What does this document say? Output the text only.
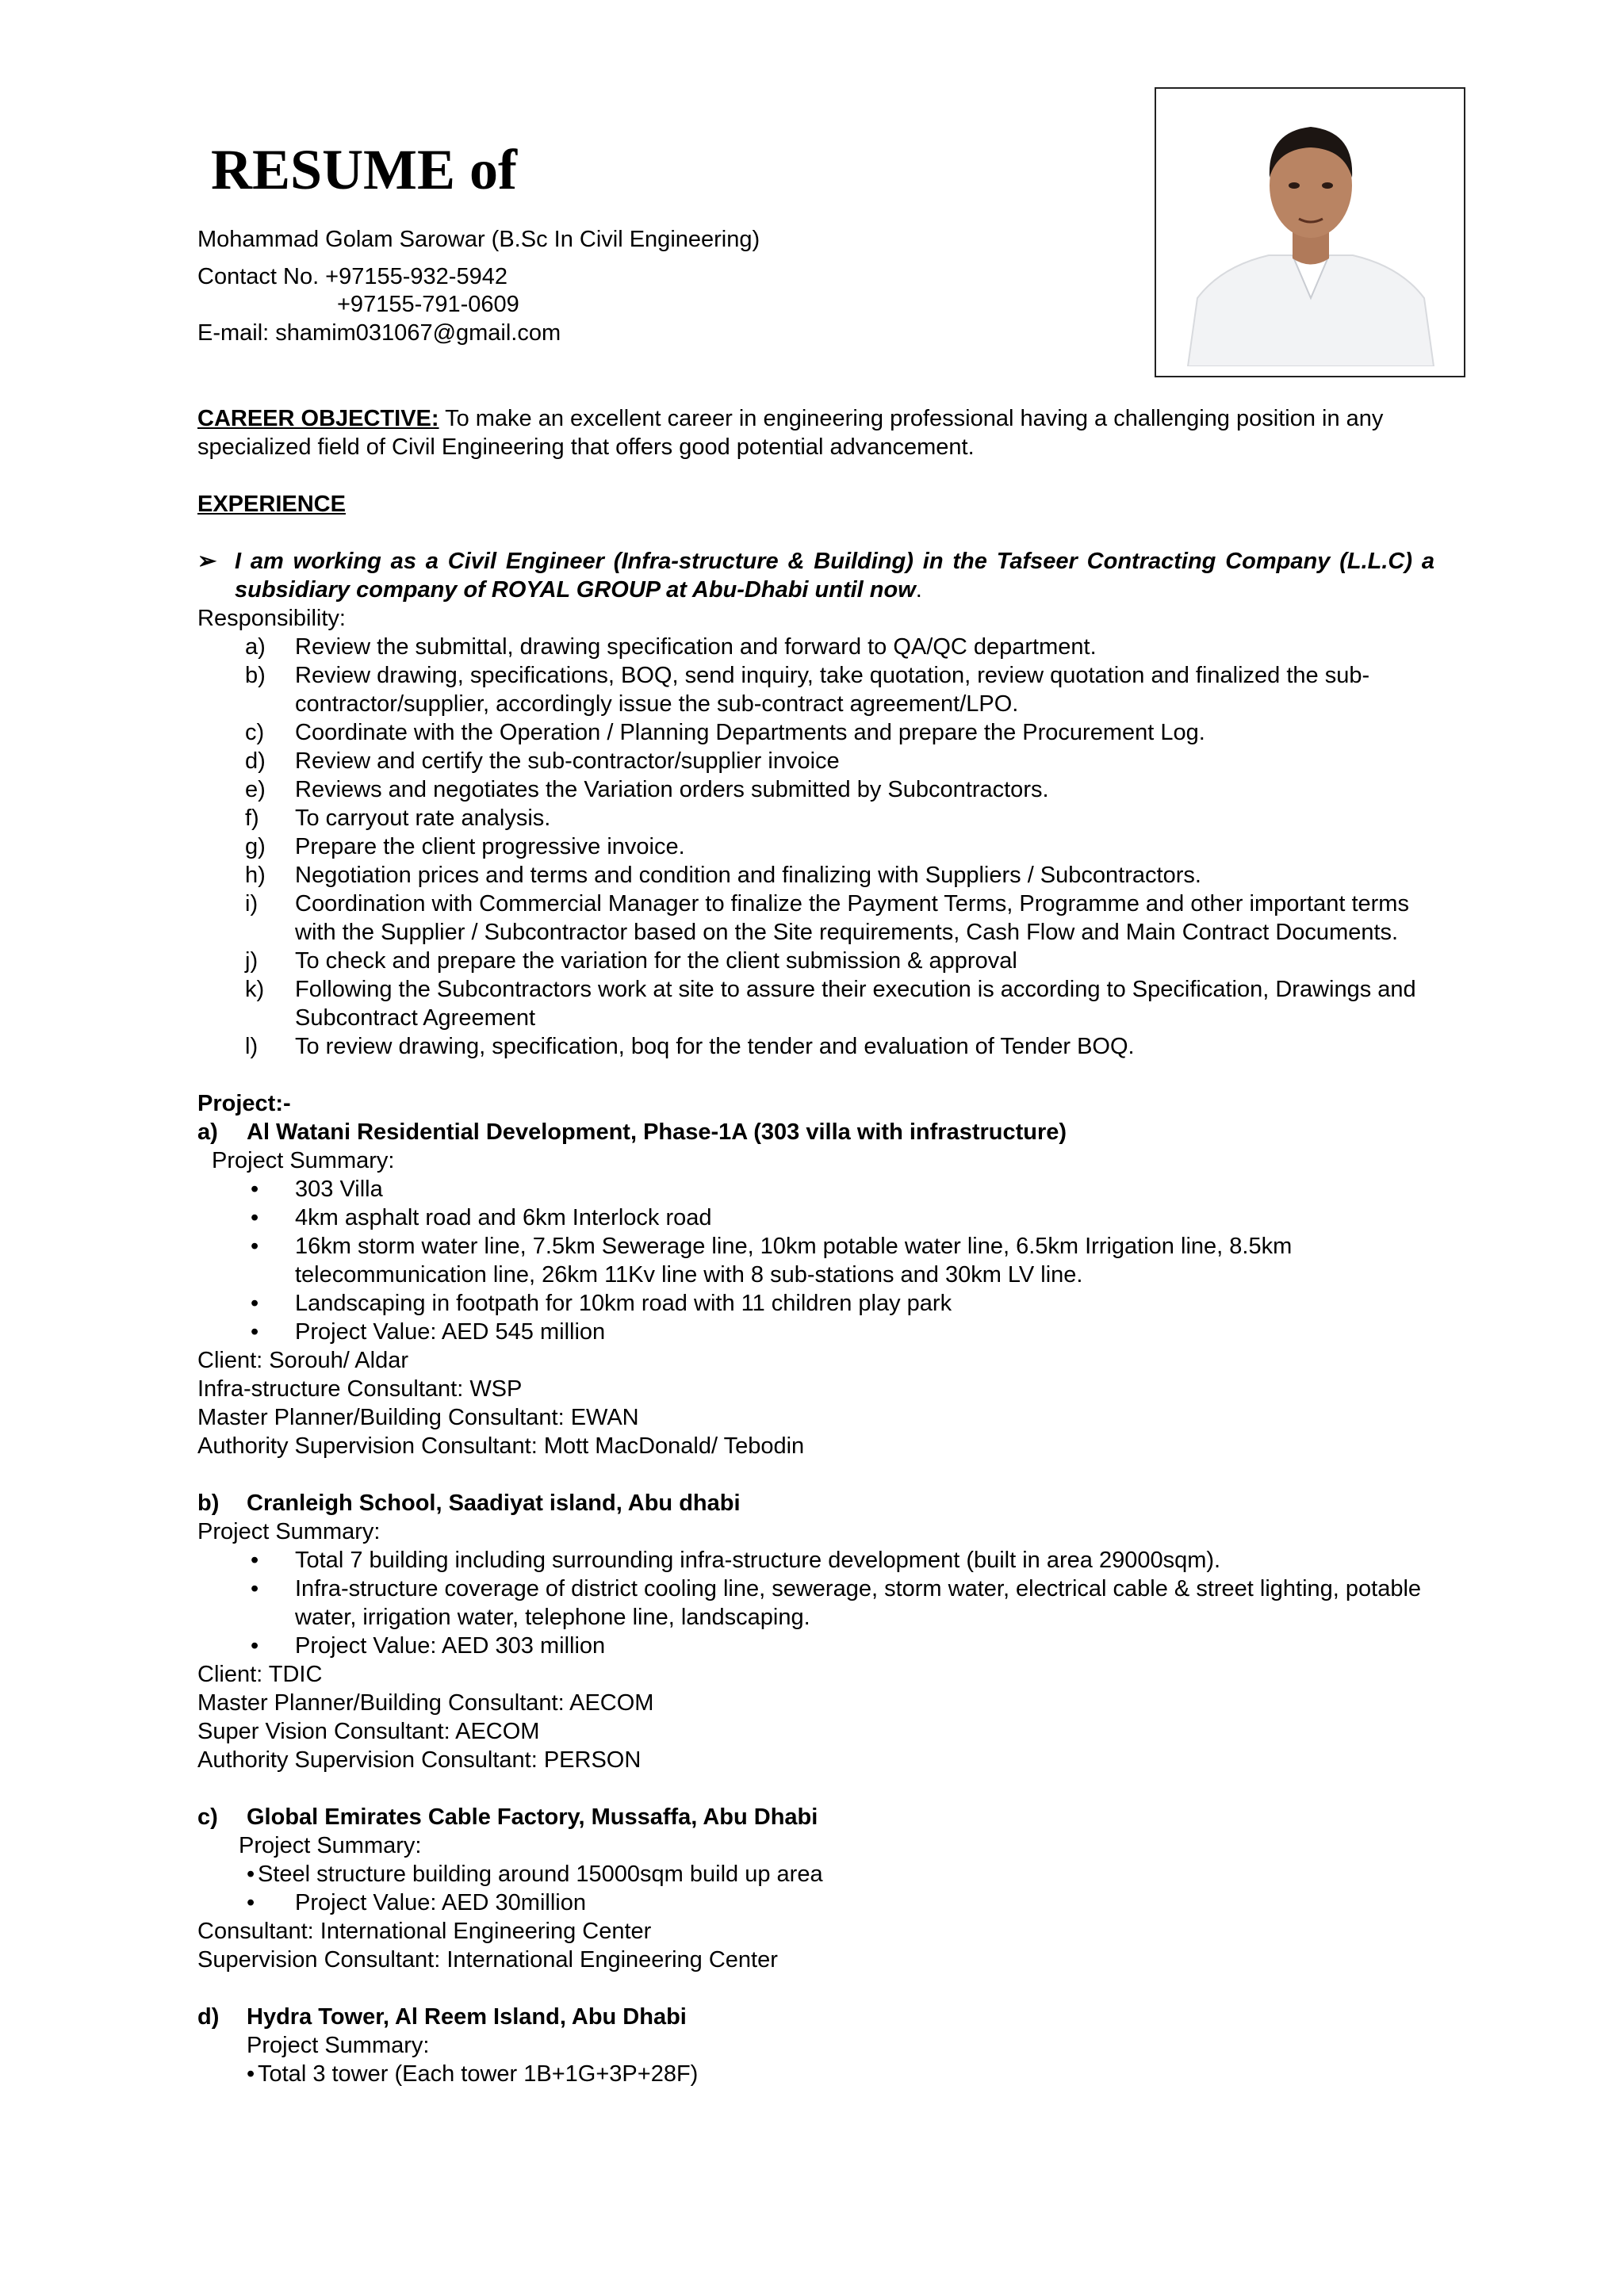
RESUME of
Mohammad Golam Sarowar (B.Sc In Civil Engineering)
Contact No. +97155-932-5942
+97155-791-0609
E-mail: shamim031067@gmail.com

CAREER OBJECTIVE: To make an excellent career in engineering professional having a challenging position in any specialized field of Civil Engineering that offers good potential advancement.

EXPERIENCE

➢ I am working as a Civil Engineer (Infra-structure & Building) in the Tafseer Contracting Company (L.L.C) a subsidiary company of ROYAL GROUP at Abu-Dhabi until now.

Responsibility:

a)	Review the submittal, drawing specification and forward to QA/QC department.
b)	Review drawing, specifications, BOQ, send inquiry, take quotation, review quotation and finalized the sub-contractor/supplier, accordingly issue the sub-contract agreement/LPO.
c)	Coordinate with the Operation / Planning Departments and prepare the Procurement Log.
d)	Review and certify the sub-contractor/supplier invoice
e)	Reviews and negotiates the Variation orders submitted by Subcontractors.
f)	To carryout rate analysis.
g)	Prepare the client progressive invoice.
h)	Negotiation prices and terms and condition and finalizing with Suppliers / Subcontractors.
i)	Coordination with Commercial Manager to finalize the Payment Terms, Programme and other important terms with the Supplier / Subcontractor based on the Site requirements, Cash Flow and Main Contract Documents.
j)	To check and prepare the variation for the client submission & approval
k)	Following the Subcontractors work at site to assure their execution is according to Specification, Drawings and Subcontract Agreement
l)	To review drawing, specification, boq for the tender and evaluation of Tender BOQ.

Project:-

a)	Al Watani Residential Development, Phase-1A (303 villa with infrastructure)

Project Summary:

•	303 Villa
•	4km asphalt road and 6km Interlock road
•	16km storm water line, 7.5km Sewerage line, 10km potable water line, 6.5km Irrigation line, 8.5km telecommunication line, 26km 11Kv line with 8 sub-stations and 30km LV line.
•	Landscaping in footpath for 10km road with 11 children play park
•	Project Value: AED 545 million

Client: Sorouh/ Aldar

Infra-structure Consultant: WSP

Master Planner/Building Consultant: EWAN

Authority Supervision Consultant: Mott MacDonald/ Tebodin

b)	Cranleigh School, Saadiyat island, Abu dhabi

Project Summary:

•	Total 7 building including surrounding infra-structure development (built in area 29000sqm).
•	Infra-structure coverage of district cooling line, sewerage, storm water, electrical cable & street lighting, potable water, irrigation water, telephone line, landscaping.
•	Project Value: AED 303 million

Client: TDIC

Master Planner/Building Consultant: AECOM

Super Vision Consultant: AECOM

Authority Supervision Consultant: PERSON

c)	Global Emirates Cable Factory, Mussaffa, Abu Dhabi

Project Summary:

• Steel structure building around 15000sqm build up area
•	Project Value: AED 30million

Consultant: International Engineering Center

Supervision Consultant: International Engineering Center

d)	Hydra Tower, Al Reem Island, Abu Dhabi

Project Summary:

• Total 3 tower (Each tower 1B+1G+3P+28F)
